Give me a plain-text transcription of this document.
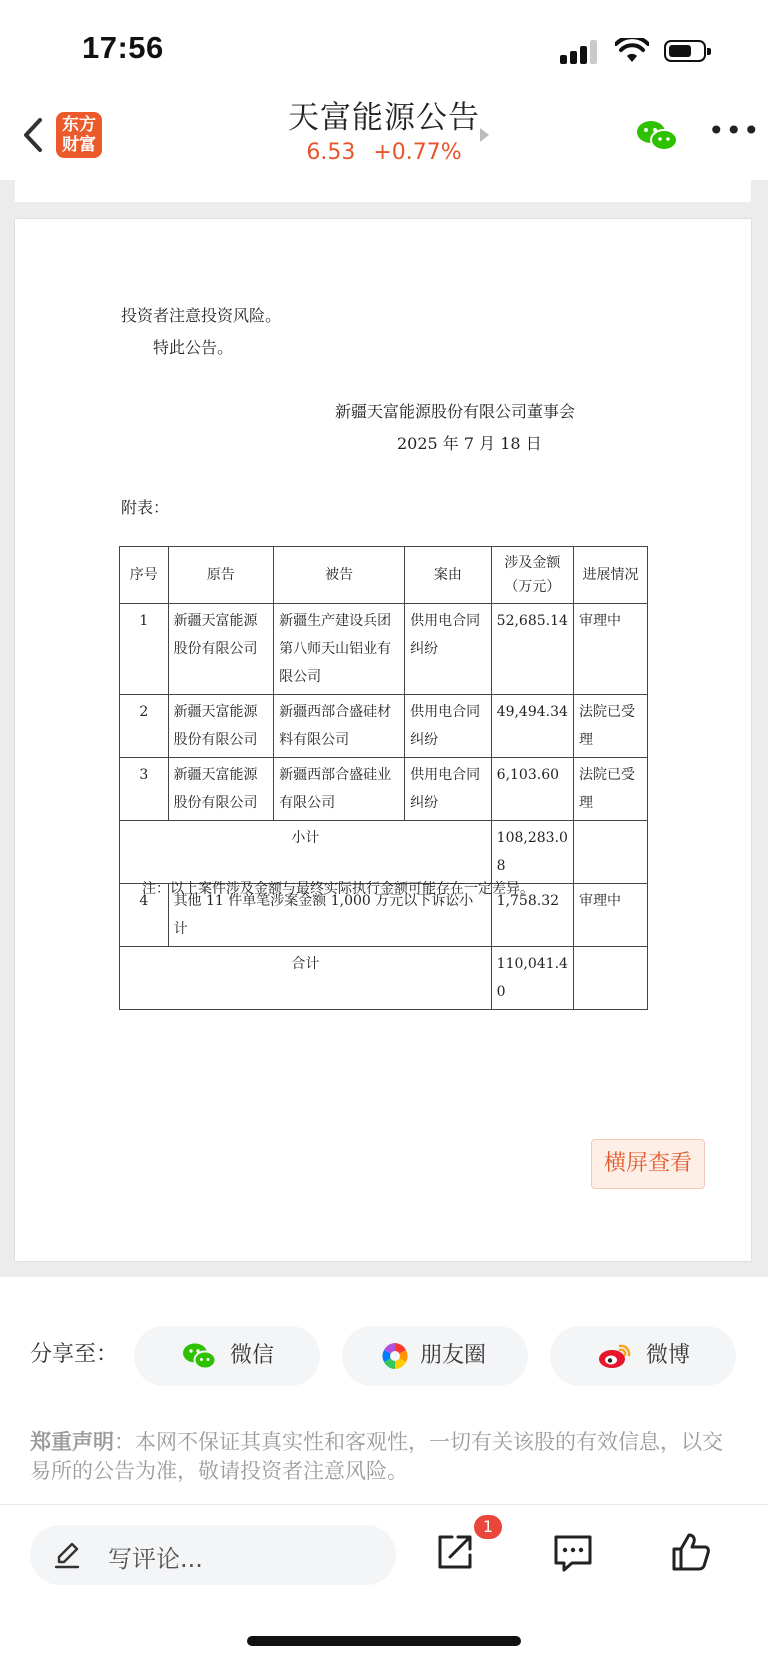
17:56
东方
财富
天富能源公告
6.53 +0.77%
•••
投资者注意投资风险。
特此公告。
新疆天富能源股份有限公司董事会
2025 年 7 月 18 日
附表：
序号	原告	被告	案由	涉及金额（万元）	进展情况
1	新疆天富能源股份有限公司	新疆生产建设兵团第八师天山铝业有限公司	供用电合同纠纷	52,685.14	审理中
2	新疆天富能源股份有限公司	新疆西部合盛硅材料有限公司	供用电合同纠纷	49,494.34	法院已受理
3	新疆天富能源股份有限公司	新疆西部合盛硅业有限公司	供用电合同纠纷	6,103.60	法院已受理
小计				108,283.08	
4	其他 11 件单笔涉案金额 1,000 万元以下诉讼小计			1,758.32	审理中
合计				110,041.40	
注：以上案件涉及金额与最终实际执行金额可能存在一定差异。
横屏查看
分享至：	微信	朋友圈	微博
郑重声明：本网不保证其真实性和客观性，一切有关该股的有效信息，以交易所的公告为准，敬请投资者注意风险。
写评论...
1
